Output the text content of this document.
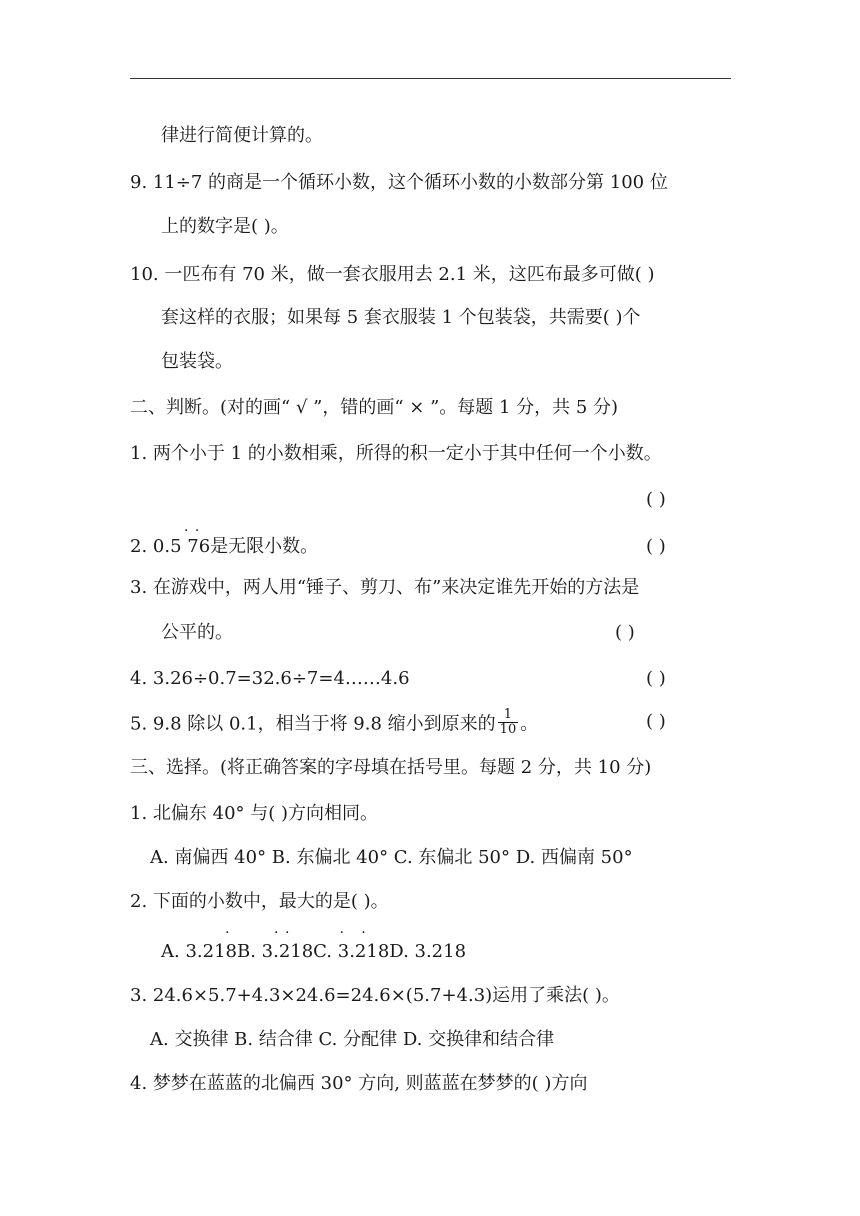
律进行简便计算的。
9. 11÷7 的商是一个循环小数，这个循环小数的小数部分第 100 位
上的数字是( )。
10. 一匹布有 70 米，做一套衣服用去 2.1 米，这匹布最多可做( )
套这样的衣服；如果每 5 套衣服装 1 个包装袋，共需要( )个
包装袋。
二、判断。(对的画“ √ ”，错的画“ × ”。每题 1 分，共 5 分)
1. 两个小于 1 的小数相乘，所得的积一定小于其中任何一个小数。
( )
. .
2. 0.5 76是无限小数。	( )
3. 在游戏中，两人用“锤子、剪刀、布”来决定谁先开始的方法是
公平的。	( )
4. 3.26÷0.7=32.6÷7=4……4.6	( )
5. 9.8 除以 0.1，相当于将 9.8 缩小到原来的 $\frac{1}{10}$ 。	( )
三、选择。(将正确答案的字母填在括号里。每题 2 分，共 10 分)
1. 北偏东 40° 与( )方向相同。
A. 南偏西 40° B. 东偏北 40° C. 东偏北 50° D. 西偏南 50°
2. 下面的小数中，最大的是( )。
.        . .         .   .
A. 3.218B. 3.218C. 3.218D. 3.218
3. 24.6×5.7+4.3×24.6=24.6×(5.7+4.3)运用了乘法( )。
A. 交换律 B. 结合律 C. 分配律 D. 交换律和结合律
4. 梦梦在蓝蓝的北偏西 30° 方向, 则蓝蓝在梦梦的( )方向
